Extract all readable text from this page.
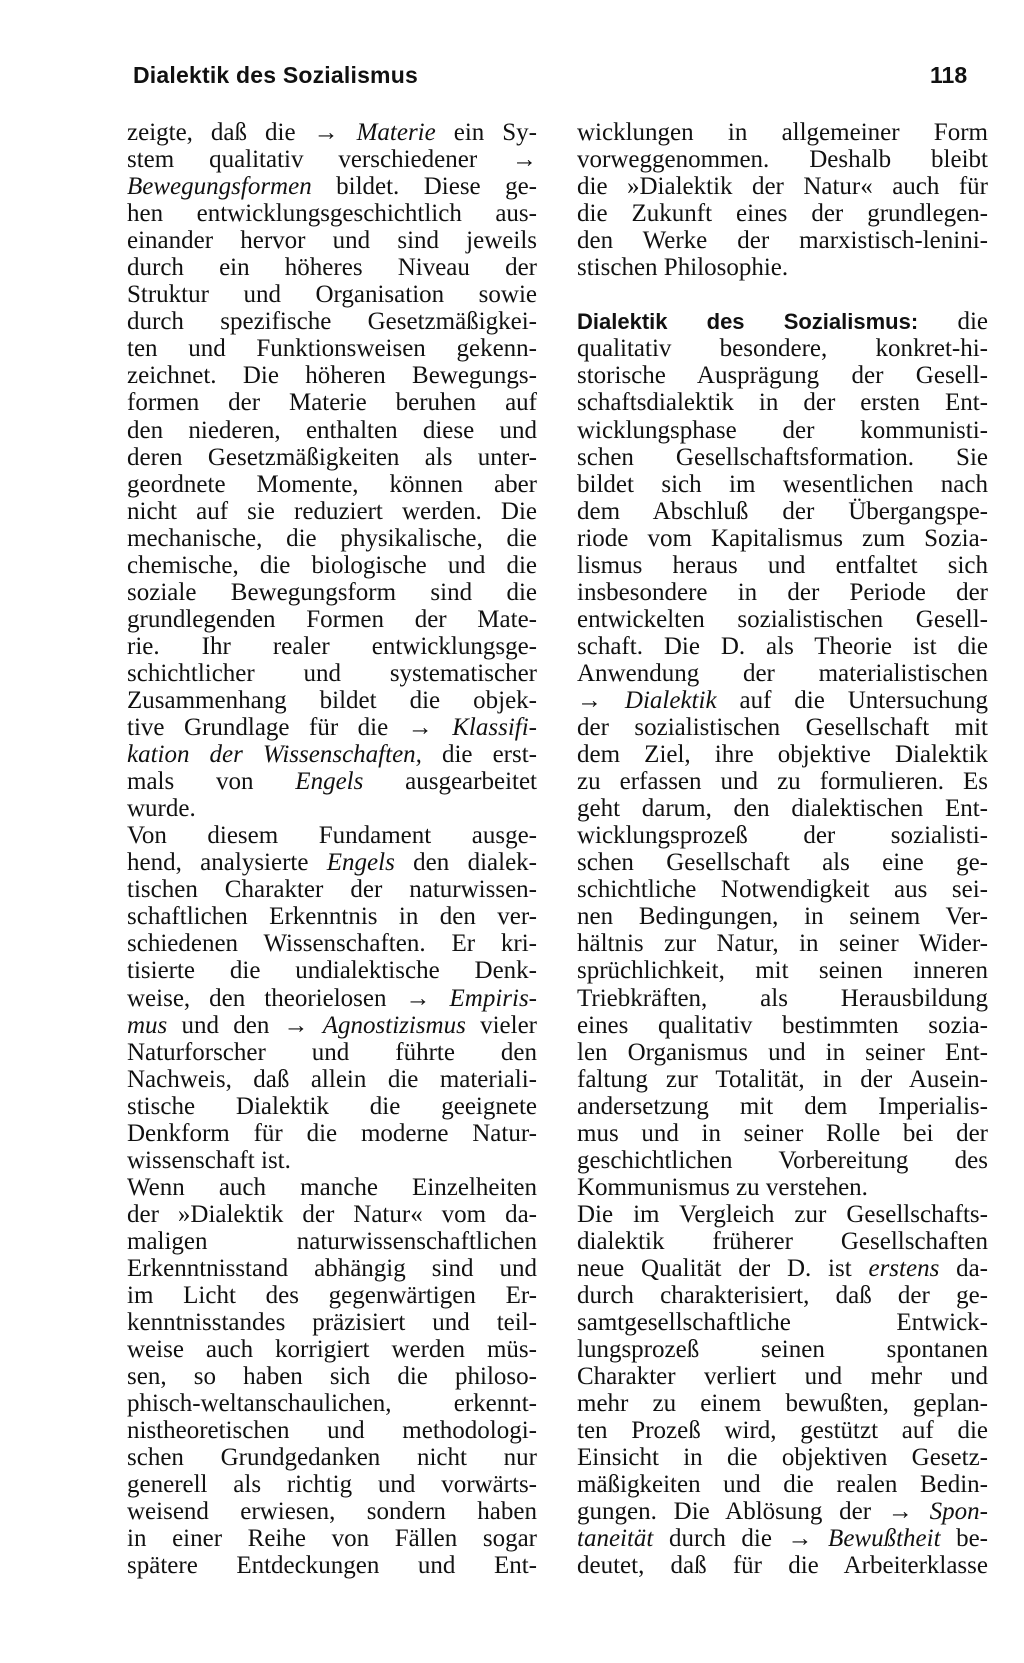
Dialektik des Sozialismus	118
zeigte, daß die → Materie ein Sy-
stem qualitativ verschiedener →
Bewegungsformen bildet. Diese ge-
hen entwicklungsgeschichtlich aus-
einander hervor und sind jeweils
durch ein höheres Niveau der
Struktur und Organisation sowie
durch spezifische Gesetzmäßigkei-
ten und Funktionsweisen gekenn-
zeichnet. Die höheren Bewegungs-
formen der Materie beruhen auf
den niederen, enthalten diese und
deren Gesetzmäßigkeiten als unter-
geordnete Momente, können aber
nicht auf sie reduziert werden. Die
mechanische, die physikalische, die
chemische, die biologische und die
soziale Bewegungsform sind die
grundlegenden Formen der Mate-
rie. Ihr realer entwicklungsge-
schichtlicher und systematischer
Zusammenhang bildet die objek-
tive Grundlage für die → Klassifi-
kation der Wissenschaften, die erst-
mals von Engels ausgearbeitet
wurde.
Von diesem Fundament ausge-
hend, analysierte Engels den dialek-
tischen Charakter der naturwissen-
schaftlichen Erkenntnis in den ver-
schiedenen Wissenschaften. Er kri-
tisierte die undialektische Denk-
weise, den theorielosen → Empiris-
mus und den → Agnostizismus vieler
Naturforscher und führte den
Nachweis, daß allein die materiali-
stische Dialektik die geeignete
Denkform für die moderne Natur-
wissenschaft ist.
Wenn auch manche Einzelheiten
der »Dialektik der Natur« vom da-
maligen naturwissenschaftlichen
Erkenntnisstand abhängig sind und
im Licht des gegenwärtigen Er-
kenntnisstandes präzisiert und teil-
weise auch korrigiert werden müs-
sen, so haben sich die philoso-
phisch-weltanschaulichen, erkennt-
nistheoretischen und methodologi-
schen Grundgedanken nicht nur
generell als richtig und vorwärts-
weisend erwiesen, sondern haben
in einer Reihe von Fällen sogar
spätere Entdeckungen und Ent-
wicklungen in allgemeiner Form
vorweggenommen. Deshalb bleibt
die »Dialektik der Natur« auch für
die Zukunft eines der grundlegen-
den Werke der marxistisch-lenini-
stischen Philosophie.
Dialektik des Sozialismus: die
qualitativ besondere, konkret-hi-
storische Ausprägung der Gesell-
schaftsdialektik in der ersten Ent-
wicklungsphase der kommunisti-
schen Gesellschaftsformation. Sie
bildet sich im wesentlichen nach
dem Abschluß der Übergangspe-
riode vom Kapitalismus zum Sozia-
lismus heraus und entfaltet sich
insbesondere in der Periode der
entwickelten sozialistischen Gesell-
schaft. Die D. als Theorie ist die
Anwendung der materialistischen
→ Dialektik auf die Untersuchung
der sozialistischen Gesellschaft mit
dem Ziel, ihre objektive Dialektik
zu erfassen und zu formulieren. Es
geht darum, den dialektischen Ent-
wicklungsprozeß der sozialisti-
schen Gesellschaft als eine ge-
schichtliche Notwendigkeit aus sei-
nen Bedingungen, in seinem Ver-
hältnis zur Natur, in seiner Wider-
sprüchlichkeit, mit seinen inneren
Triebkräften, als Herausbildung
eines qualitativ bestimmten sozia-
len Organismus und in seiner Ent-
faltung zur Totalität, in der Ausein-
andersetzung mit dem Imperialis-
mus und in seiner Rolle bei der
geschichtlichen Vorbereitung des
Kommunismus zu verstehen.
Die im Vergleich zur Gesellschafts-
dialektik früherer Gesellschaften
neue Qualität der D. ist erstens da-
durch charakterisiert, daß der ge-
samtgesellschaftliche Entwick-
lungsprozeß seinen spontanen
Charakter verliert und mehr und
mehr zu einem bewußten, geplan-
ten Prozeß wird, gestützt auf die
Einsicht in die objektiven Gesetz-
mäßigkeiten und die realen Bedin-
gungen. Die Ablösung der → Spon-
taneität durch die → Bewußtheit be-
deutet, daß für die Arbeiterklasse
